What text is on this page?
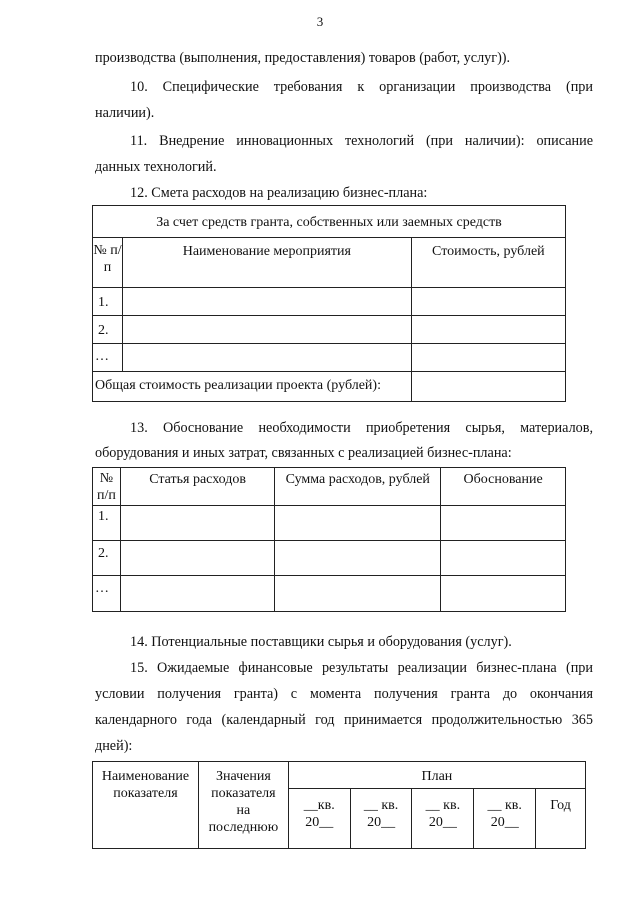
3
производства (выполнения, предоставления) товаров (работ, услуг)).
10. Специфические требования к организации производства (при
наличии).
11. Внедрение инновационных технологий (при наличии): описание
данных технологий.
12. Смета расходов на реализацию бизнес-плана:
За счет средств гранта, собственных или заемных средств		
№ п/п	Наименование мероприятия	Стоимость, рублей
1.		
2.		
…		
Общая стоимость реализации проекта (рублей):		
13. Обоснование необходимости приобретения сырья, материалов,
оборудования и иных затрат, связанных с реализацией бизнес-плана:
№ п/п	Статья расходов	Сумма расходов, рублей	Обоснование
1.			
2.			
…			
14. Потенциальные поставщики сырья и оборудования (услуг).
15. Ожидаемые финансовые результаты реализации бизнес-плана (при
условии получения гранта) с момента получения гранта до окончания
календарного года (календарный год принимается продолжительностью 365
дней):
Наименование показателя	Значения показателя на последнюю	План				
		__кв. 20__	__ кв. 20__	__ кв. 20__	__ кв. 20__	Год
